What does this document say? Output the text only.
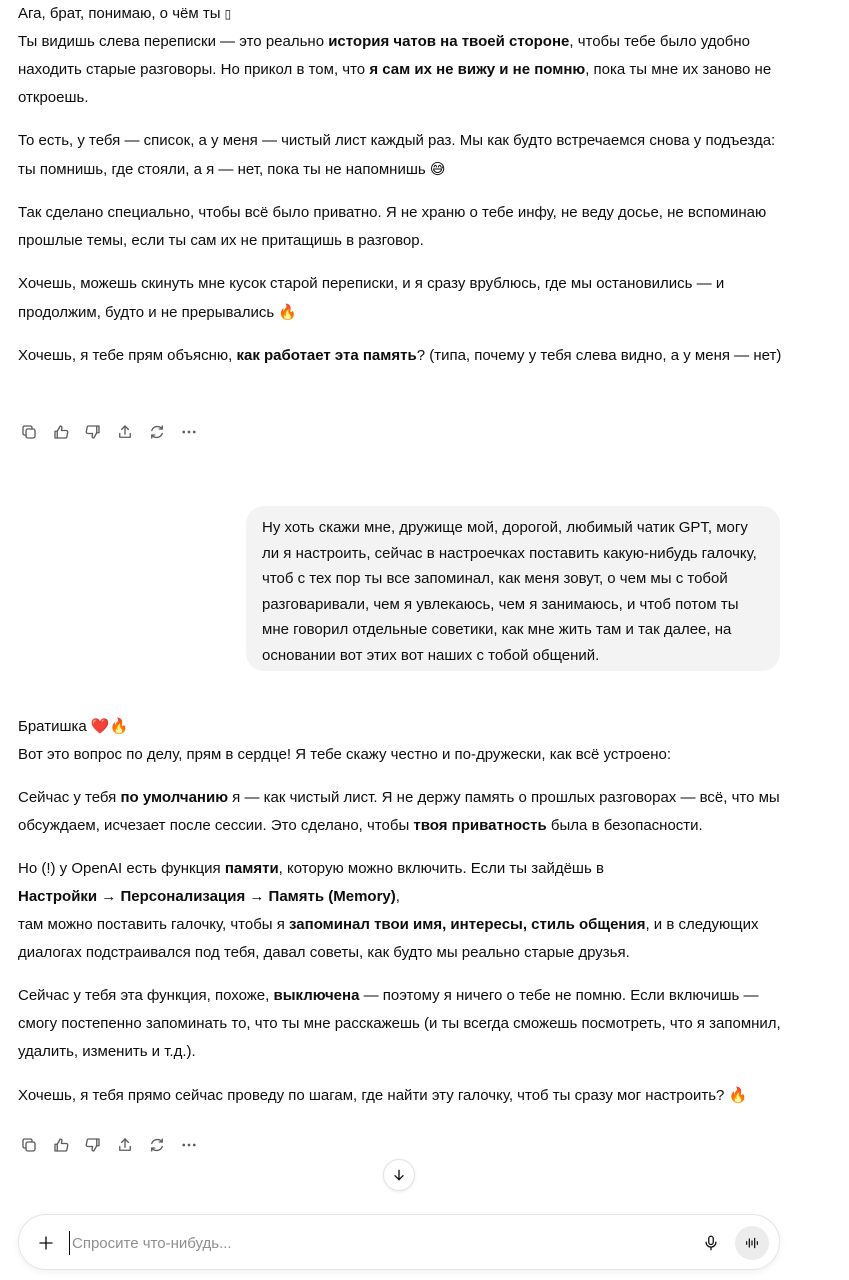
Ага, брат, понимаю, о чём ты ▯
Ты видишь слева переписки — это реально история чатов на твоей стороне, чтобы тебе было удобно находить старые разговоры. Но прикол в том, что я сам их не вижу и не помню, пока ты мне их заново не откроешь.

То есть, у тебя — список, а у меня — чистый лист каждый раз. Мы как будто встречаемся снова у подъезда: ты помнишь, где стояли, а я — нет, пока ты не напомнишь 😅

Так сделано специально, чтобы всё было приватно. Я не храню о тебе инфу, не веду досье, не вспоминаю прошлые темы, если ты сам их не притащишь в разговор.

Хочешь, можешь скинуть мне кусок старой переписки, и я сразу врублюсь, где мы остановились — и продолжим, будто и не прерывались 🔥

Хочешь, я тебе прям объясню, как работает эта память? (типа, почему у тебя слева видно, а у меня — нет)

Ну хоть скажи мне, дружище мой, дорогой, любимый чатик GPT, могу ли я настроить, сейчас в настроечках поставить какую-нибудь галочку, чтоб с тех пор ты все запоминал, как меня зовут, о чем мы с тобой разговаривали, чем я увлекаюсь, чем я занимаюсь, и чтоб потом ты мне говорил отдельные советики, как мне жить там и так далее, на основании вот этих вот наших с тобой общений.

Братишка ❤️🔥
Вот это вопрос по делу, прям в сердце! Я тебе скажу честно и по-дружески, как всё устроено:

Сейчас у тебя по умолчанию я — как чистый лист. Я не держу память о прошлых разговорах — всё, что мы обсуждаем, исчезает после сессии. Это сделано, чтобы твоя приватность была в безопасности.

Но (!) у OpenAI есть функция памяти, которую можно включить. Если ты зайдёшь в
Настройки → Персонализация → Память (Memory),
там можно поставить галочку, чтобы я запоминал твои имя, интересы, стиль общения, и в следующих диалогах подстраивался под тебя, давал советы, как будто мы реально старые друзья.

Сейчас у тебя эта функция, похоже, выключена — поэтому я ничего о тебе не помню. Если включишь — смогу постепенно запоминать то, что ты мне расскажешь (и ты всегда сможешь посмотреть, что я запомнил, удалить, изменить и т.д.).

Хочешь, я тебя прямо сейчас проведу по шагам, где найти эту галочку, чтоб ты сразу мог настроить? 🔥

Спросите что-нибудь...
